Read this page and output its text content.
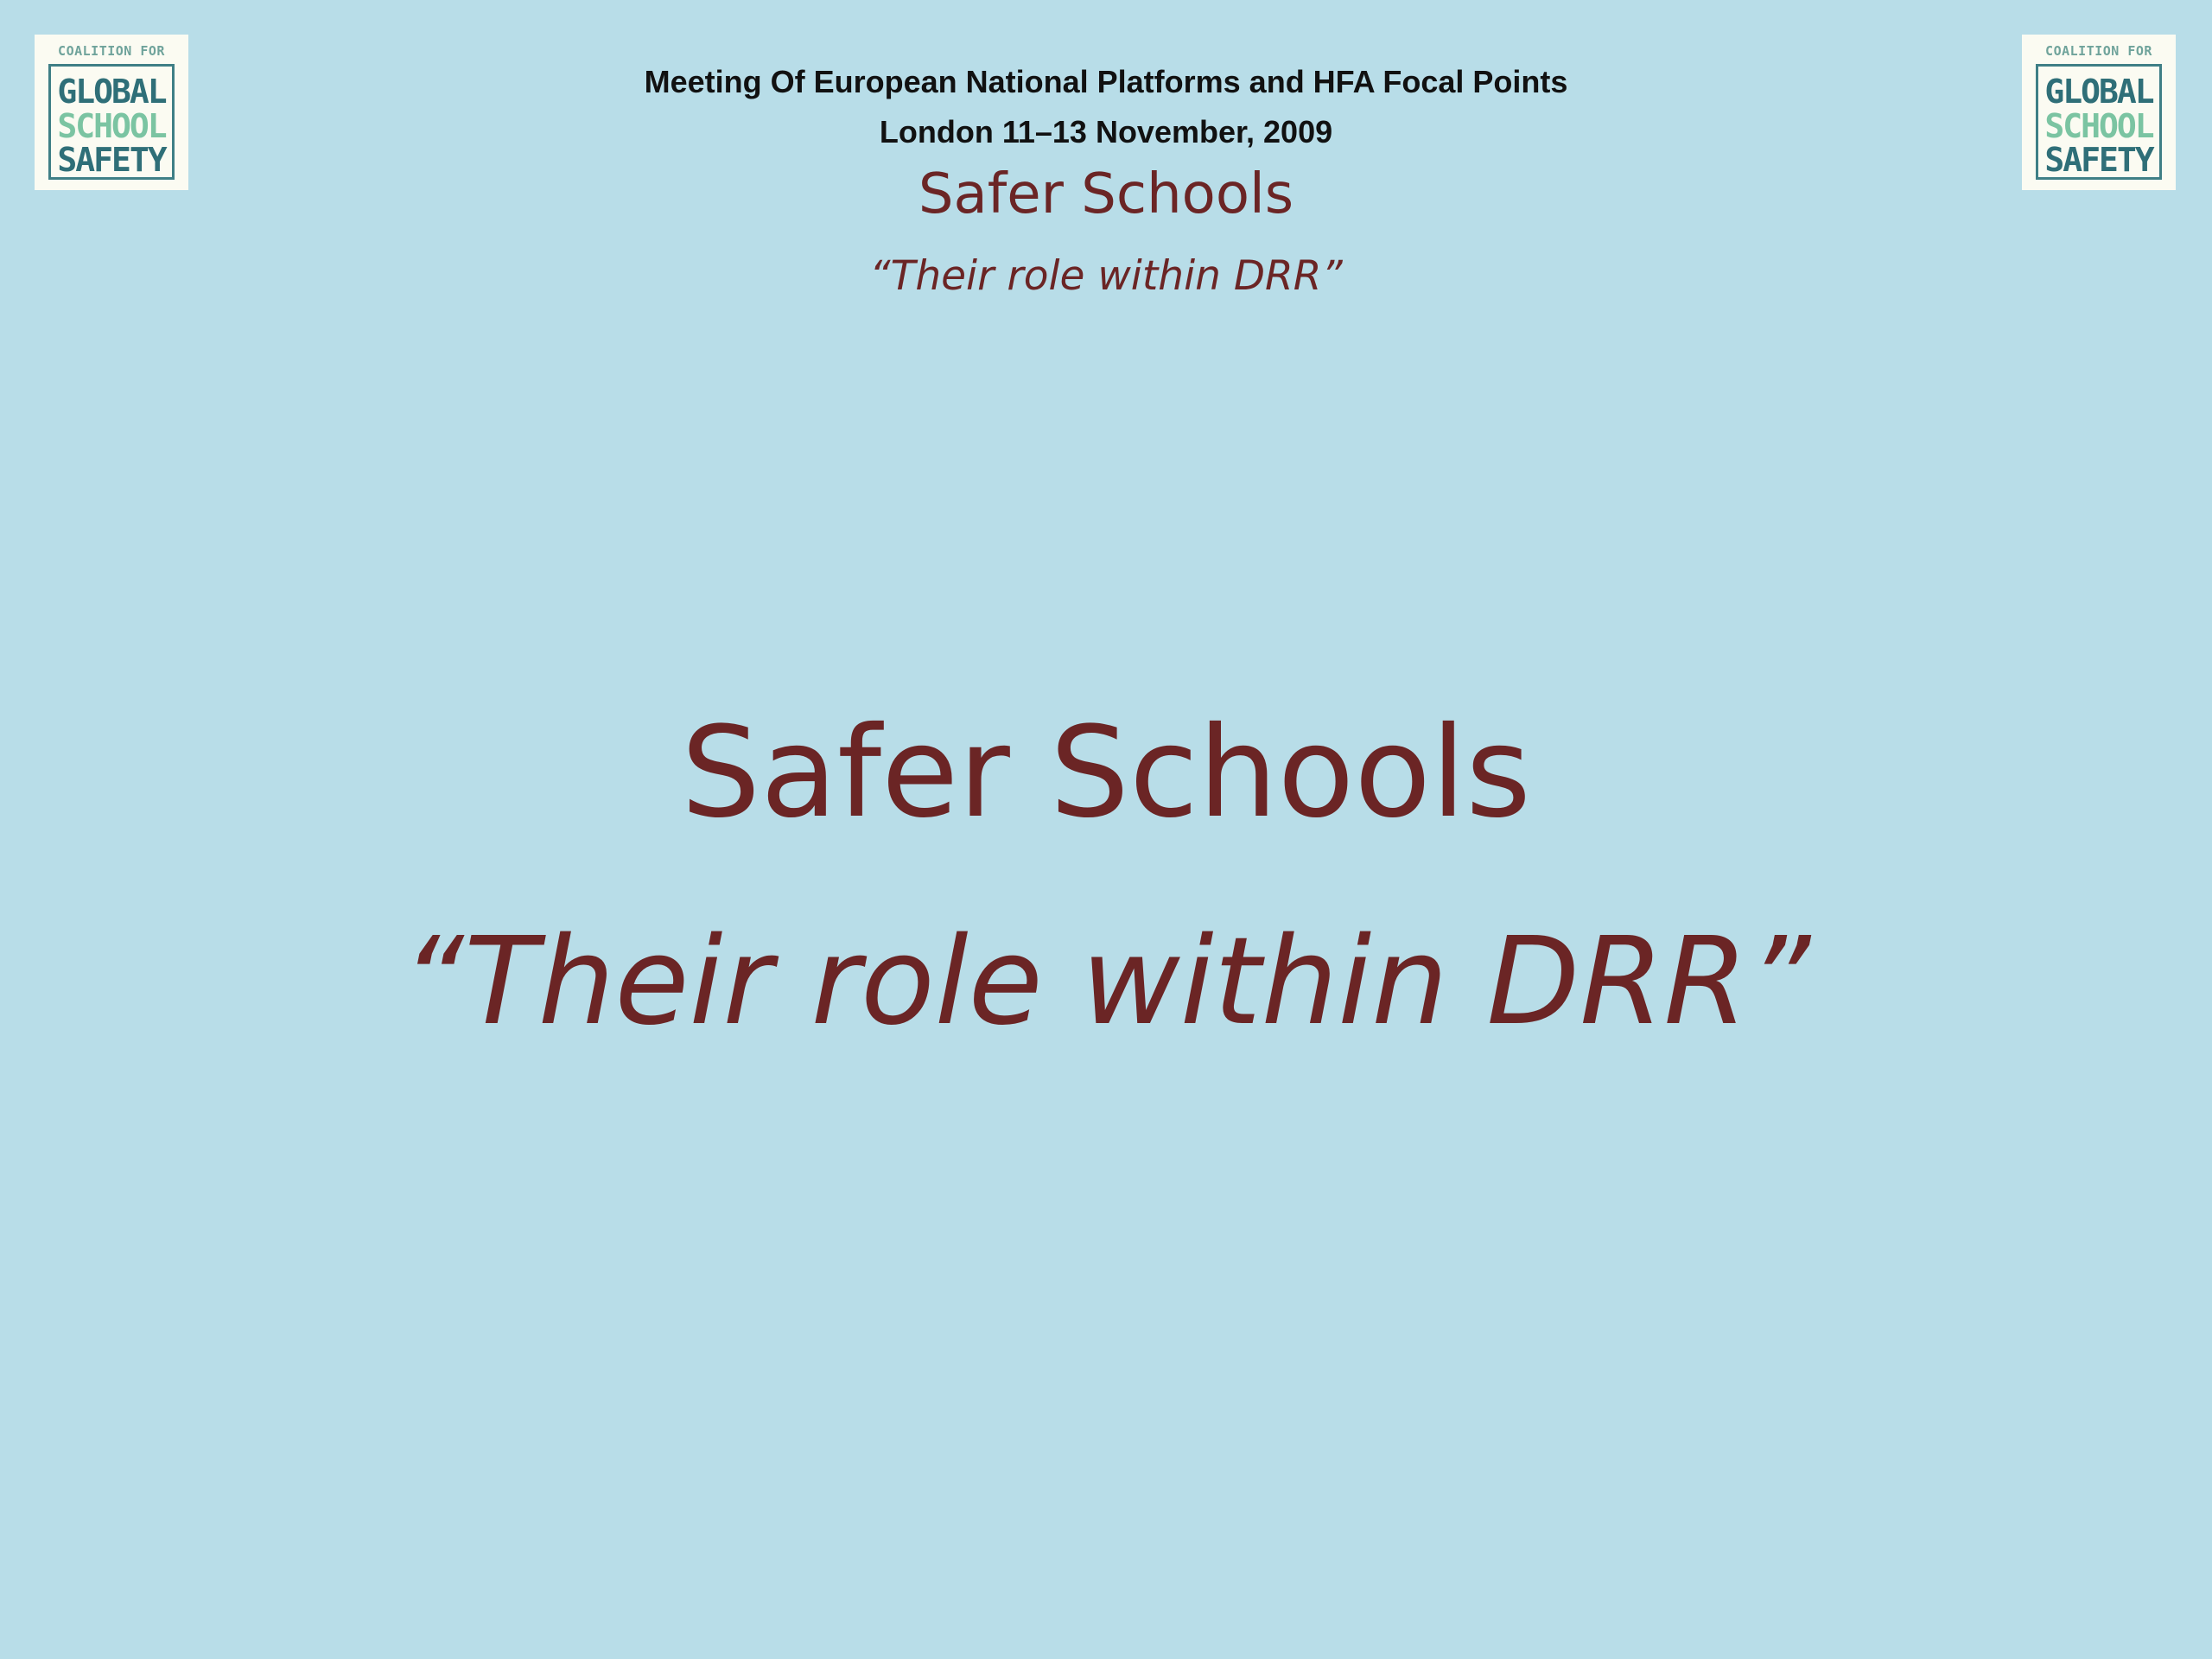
COALITION FOR
GLOBAL
SCHOOL
SAFETY
COALITION FOR
GLOBAL
SCHOOL
SAFETY
Meeting Of European National Platforms and HFA Focal Points
London 11–13 November, 2009
Safer Schools
“Their role within DRR”
Safer Schools
“Their role within DRR”
